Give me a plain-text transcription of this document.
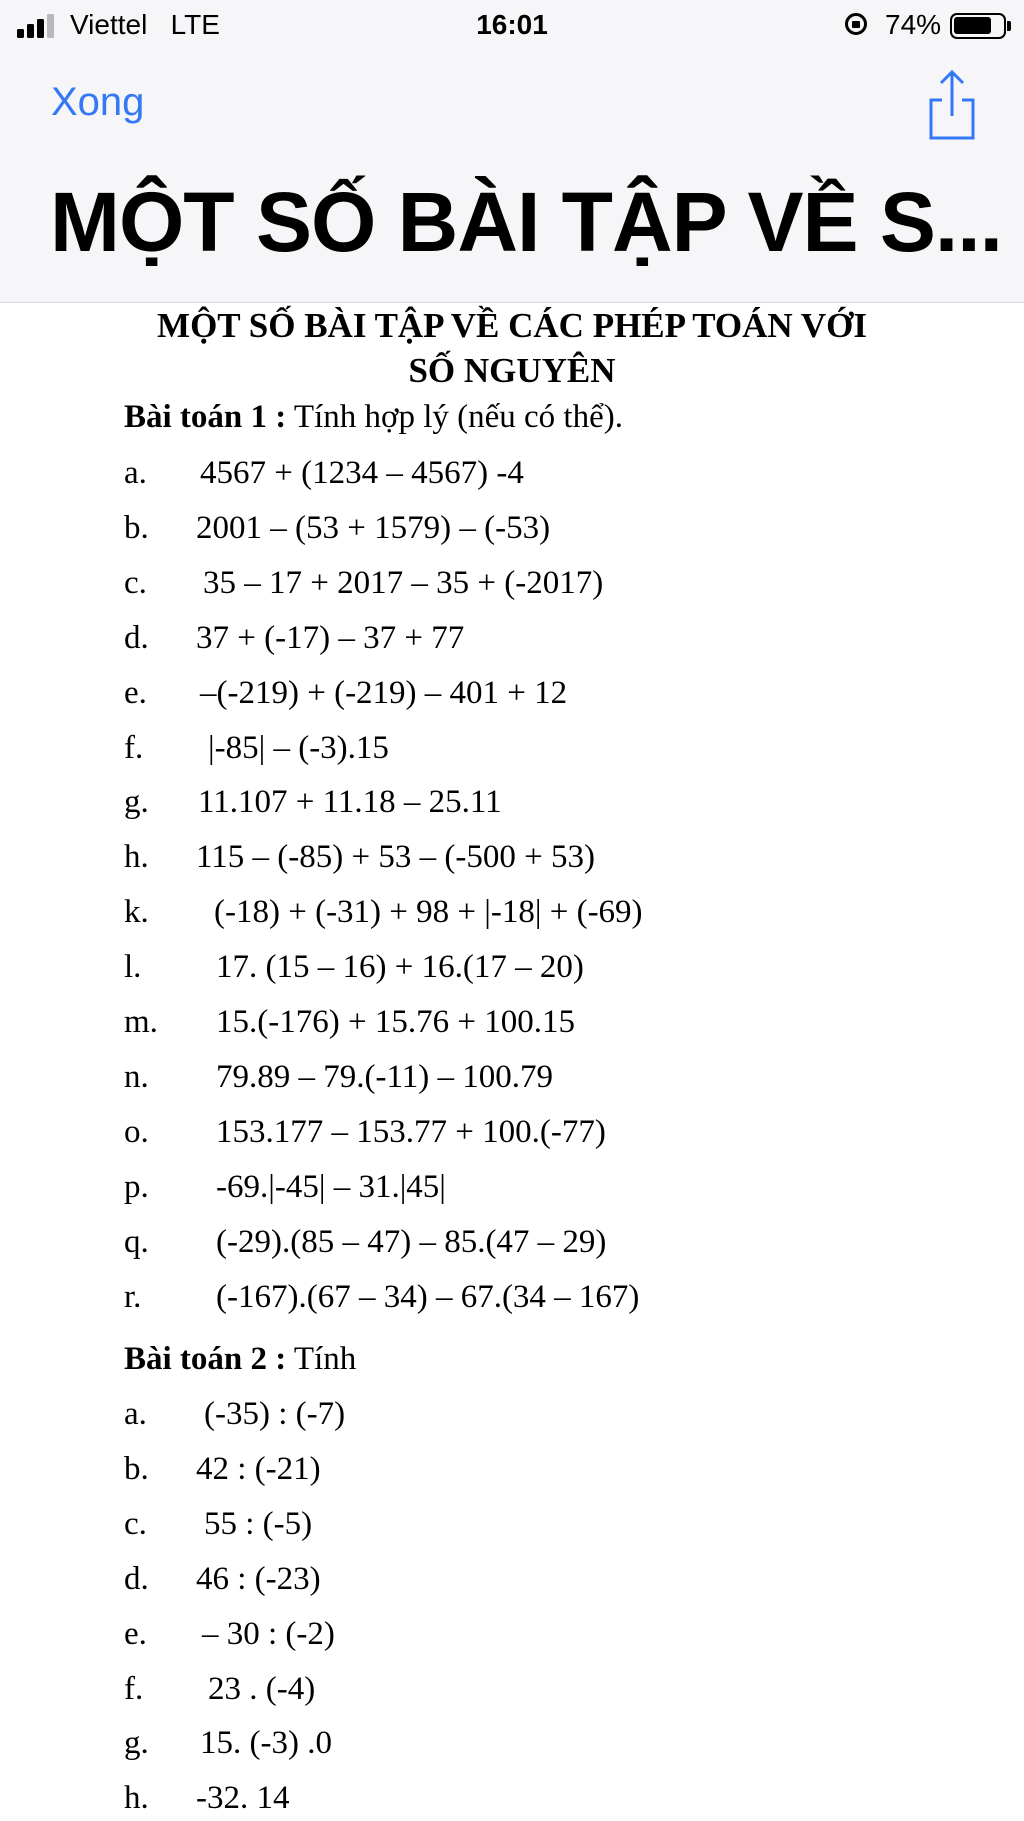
Viettel   LTE	16:01	74%
Xong
MỘT SỐ BÀI TẬP VỀ S...
MỘT SỐ BÀI TẬP VỀ CÁC PHÉP TOÁN VỚI
SỐ NGUYÊN
Bài toán 1 : Tính hợp lý (nếu có thể).
a. 4567 + (1234 – 4567) -4
b. 2001 – (53 + 1579) – (-53)
c. 35 – 17 + 2017 – 35 + (-2017)
d. 37 + (-17) – 37 + 77
e. –(-219) + (-219) – 401 + 12
f. |-85| – (-3).15
g. 11.107 + 11.18 – 25.11
h. 115 – (-85) + 53 – (-500 + 53)
k. (-18) + (-31) + 98 + |-18| + (-69)
l. 17. (15 – 16) + 16.(17 – 20)
m. 15.(-176) + 15.76 + 100.15
n. 79.89 – 79.(-11) – 100.79
o. 153.177 – 153.77 + 100.(-77)
p. -69.|-45| – 31.|45|
q. (-29).(85 – 47) – 85.(47 – 29)
r. (-167).(67 – 34) – 67.(34 – 167)
Bài toán 2 : Tính
a. (-35) : (-7)
b. 42 : (-21)
c. 55 : (-5)
d. 46 : (-23)
e. – 30 : (-2)
f. 23 . (-4)
g. 15. (-3) .0
h. -32. 14
